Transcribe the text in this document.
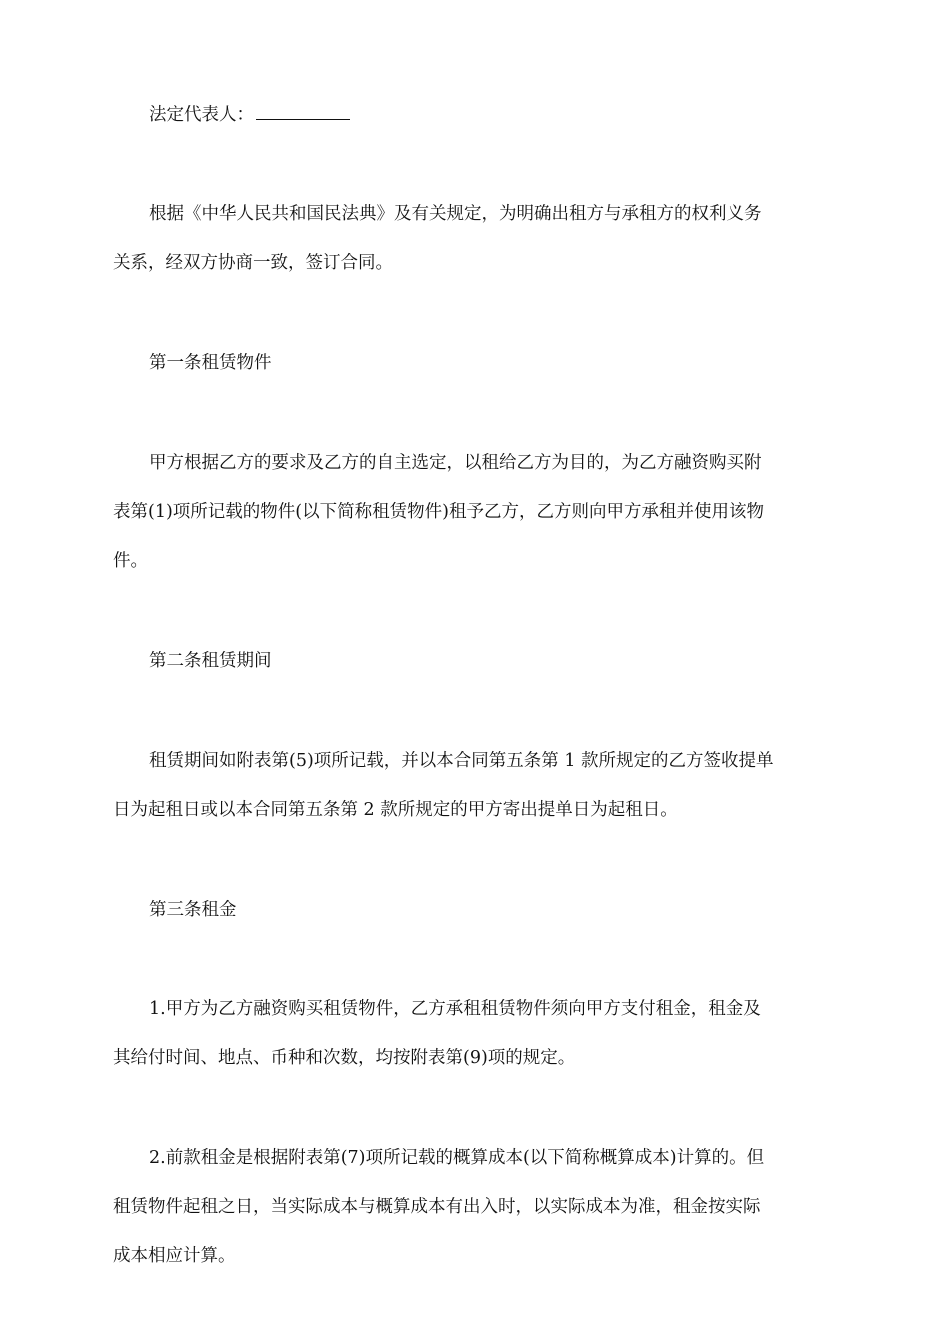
法定代表人：

根据《中华人民共和国民法典》及有关规定，为明确出租方与承租方的权利义务
关系，经双方协商一致，签订合同。

第一条租赁物件

甲方根据乙方的要求及乙方的自主选定，以租给乙方为目的，为乙方融资购买附
表第(1)项所记载的物件(以下简称租赁物件)租予乙方，乙方则向甲方承租并使用该物
件。

第二条租赁期间

租赁期间如附表第(5)项所记载，并以本合同第五条第 1 款所规定的乙方签收提单
日为起租日或以本合同第五条第 2 款所规定的甲方寄出提单日为起租日。

第三条租金

1.甲方为乙方融资购买租赁物件，乙方承租租赁物件须向甲方支付租金，租金及
其给付时间、地点、币种和次数，均按附表第(9)项的规定。

2.前款租金是根据附表第(7)项所记载的概算成本(以下简称概算成本)计算的。但
租赁物件起租之日，当实际成本与概算成本有出入时，以实际成本为准，租金按实际
成本相应计算。
